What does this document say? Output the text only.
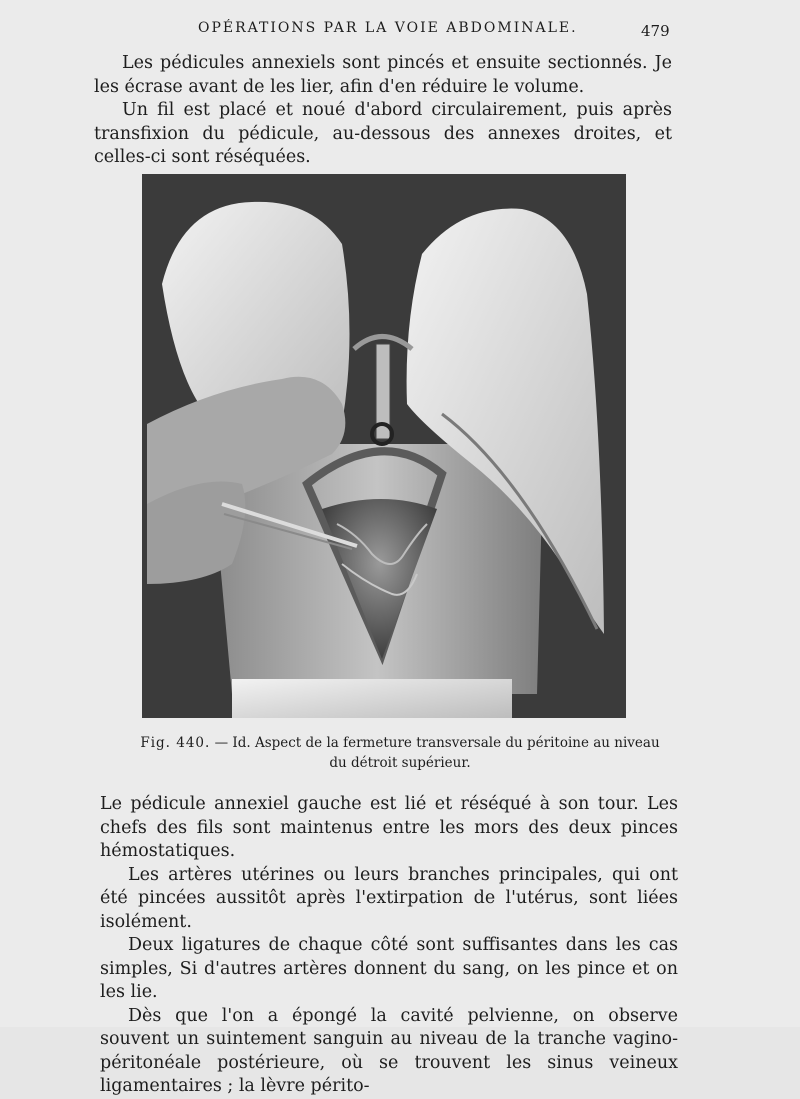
OPÉRATIONS PAR LA VOIE ABDOMINALE.	479

Les pédicules annexiels sont pincés et ensuite sectionnés. Je les écrase avant de les lier, afin d'en réduire le volume.

Un fil est placé et noué d'abord circulairement, puis après transfixion du pédicule, au-dessous des annexes droites, et celles-ci sont réséquées.

Fig. 440. — Id. Aspect de la fermeture transversale du péritoine au niveau du détroit supérieur.

Le pédicule annexiel gauche est lié et réséqué à son tour. Les chefs des fils sont maintenus entre les mors des deux pinces hémostatiques.

Les artères utérines ou leurs branches principales, qui ont été pincées aussitôt après l'extirpation de l'utérus, sont liées isolément.

Deux ligatures de chaque côté sont suffisantes dans les cas simples, Si d'autres artères donnent du sang, on les pince et on les lie.

Dès que l'on a épongé la cavité pelvienne, on observe souvent un suintement sanguin au niveau de la tranche vagino-péritonéale postérieure, où se trouvent les sinus veineux ligamentaires ; la lèvre périto-
